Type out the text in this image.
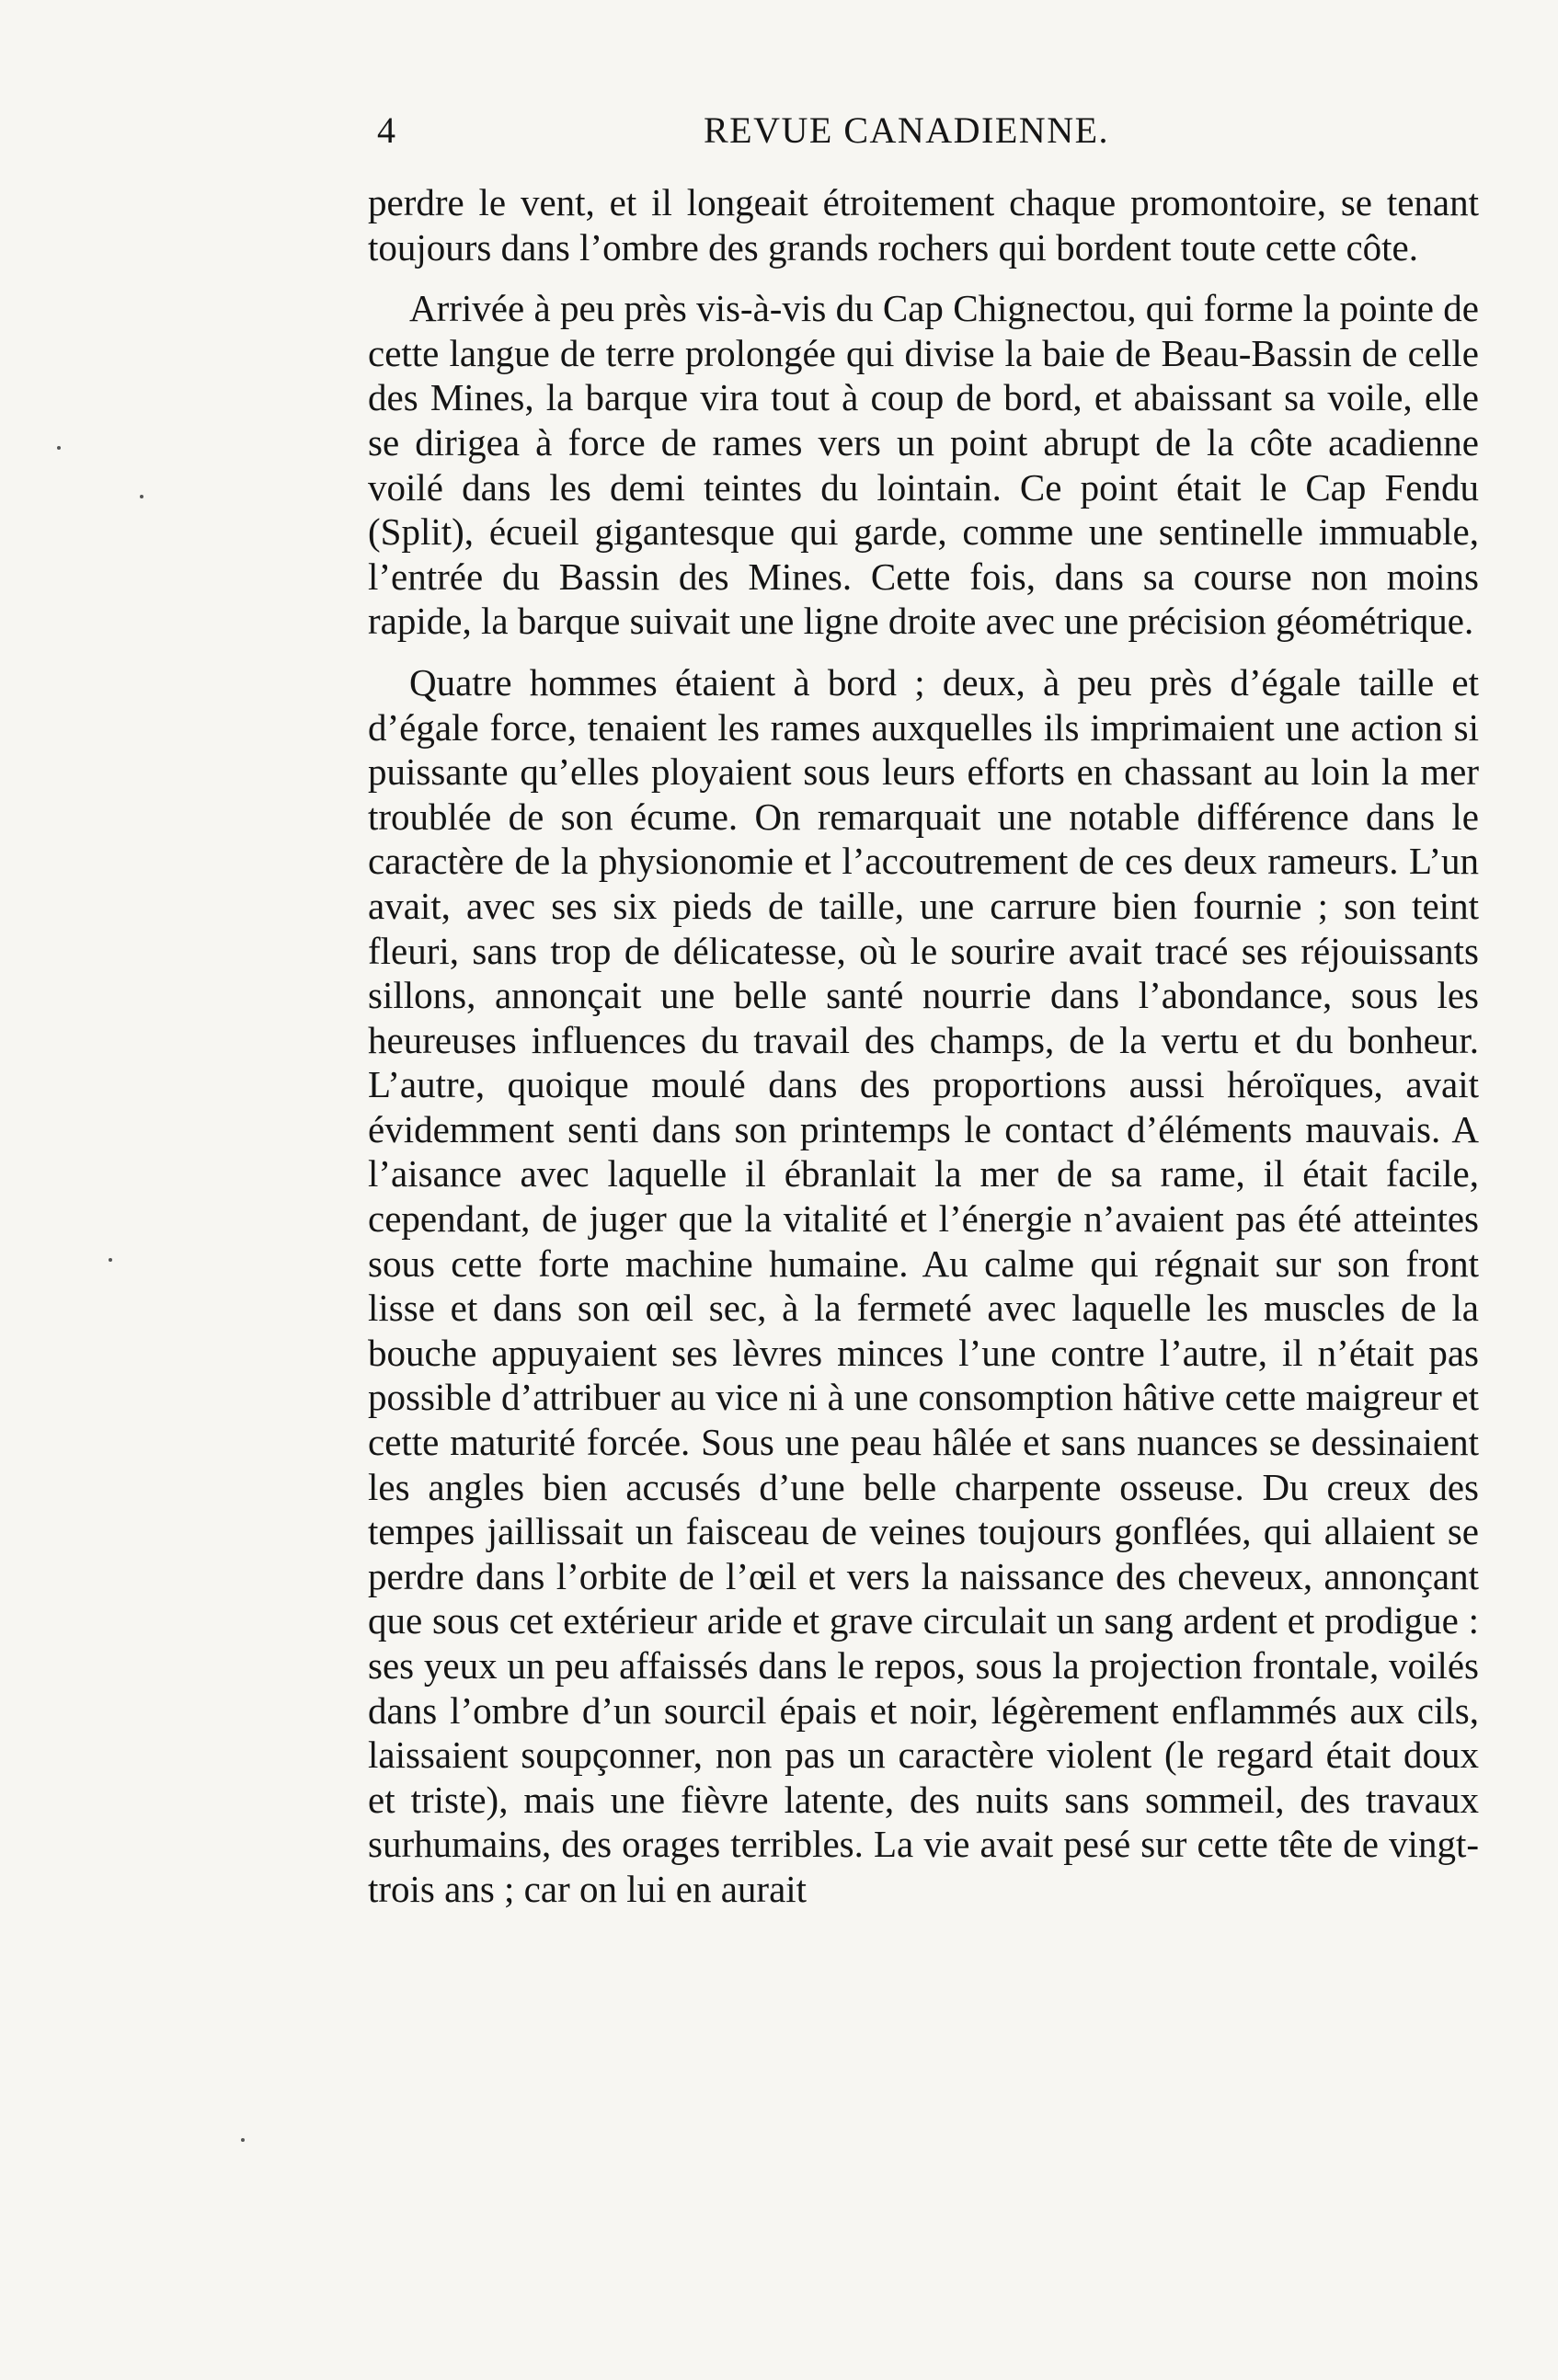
4	REVUE CANADIENNE.

perdre le vent, et il longeait étroitement chaque promontoire, se tenant toujours dans l’ombre des grands rochers qui bordent toute cette côte.

Arrivée à peu près vis-à-vis du Cap Chignectou, qui forme la pointe de cette langue de terre prolongée qui divise la baie de Beau-Bassin de celle des Mines, la barque vira tout à coup de bord, et abaissant sa voile, elle se dirigea à force de rames vers un point abrupt de la côte acadienne voilé dans les demi teintes du lointain. Ce point était le Cap Fendu (Split), écueil gigantesque qui garde, comme une sentinelle immuable, l’entrée du Bassin des Mines. Cette fois, dans sa course non moins rapide, la barque suivait une ligne droite avec une précision géométrique.

Quatre hommes étaient à bord ; deux, à peu près d’égale taille et d’égale force, tenaient les rames auxquelles ils imprimaient une action si puissante qu’elles ployaient sous leurs efforts en chassant au loin la mer troublée de son écume. On remarquait une notable différence dans le caractère de la physionomie et l’accoutrement de ces deux rameurs. L’un avait, avec ses six pieds de taille, une carrure bien fournie ; son teint fleuri, sans trop de délicatesse, où le sourire avait tracé ses réjouissants sillons, annonçait une belle santé nourrie dans l’abondance, sous les heureuses influences du travail des champs, de la vertu et du bonheur. L’autre, quoique moulé dans des proportions aussi héroïques, avait évidemment senti dans son printemps le contact d’éléments mauvais. A l’aisance avec laquelle il ébranlait la mer de sa rame, il était facile, cependant, de juger que la vitalité et l’énergie n’avaient pas été atteintes sous cette forte machine humaine. Au calme qui régnait sur son front lisse et dans son œil sec, à la fermeté avec laquelle les muscles de la bouche appuyaient ses lèvres minces l’une contre l’autre, il n’était pas possible d’attribuer au vice ni à une consomption hâtive cette maigreur et cette maturité forcée. Sous une peau hâlée et sans nuances se dessinaient les angles bien accusés d’une belle charpente osseuse. Du creux des tempes jaillissait un faisceau de veines toujours gonflées, qui allaient se perdre dans l’orbite de l’œil et vers la naissance des cheveux, annonçant que sous cet extérieur aride et grave circulait un sang ardent et prodigue : ses yeux un peu affaissés dans le repos, sous la projection frontale, voilés dans l’ombre d’un sourcil épais et noir, légèrement enflammés aux cils, laissaient soupçonner, non pas un caractère violent (le regard était doux et triste), mais une fièvre latente, des nuits sans sommeil, des travaux surhumains, des orages terribles. La vie avait pesé sur cette tête de vingt-trois ans ; car on lui en aurait
